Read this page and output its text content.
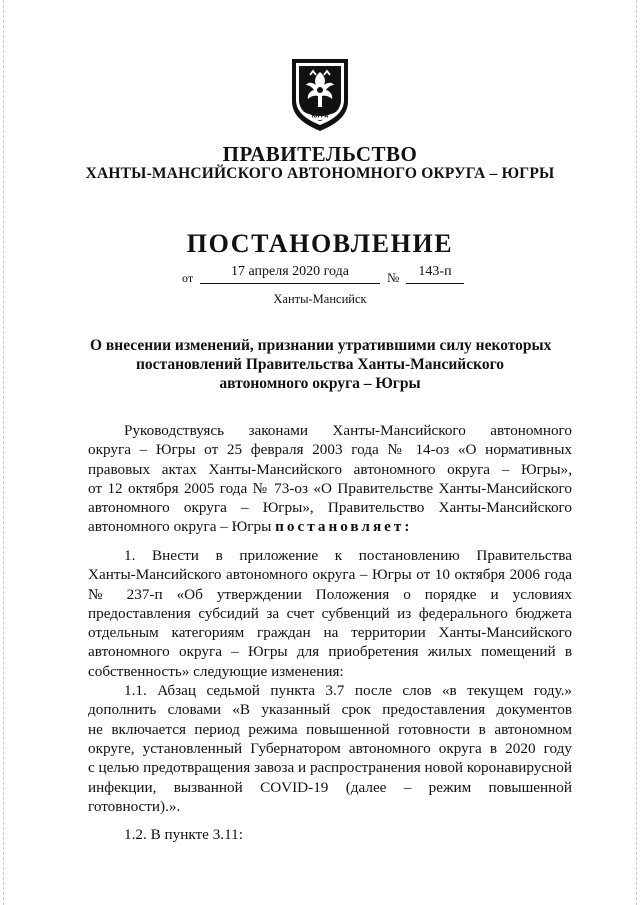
ЮГРА
ПРАВИТЕЛЬСТВО
ХАНТЫ-МАНСИЙСКОГО АВТОНОМНОГО ОКРУГА – ЮГРЫ
ПОСТАНОВЛЕНИЕ
от	17 апреля 2020 года	№	143-п
Ханты-Мансийск
О внесении изменений, признании утратившими силу некоторых
постановлений Правительства Ханты-Мансийского
автономного округа – Югры
Руководствуясь законами Ханты-Мансийского автономного
округа – Югры от 25 февраля 2003 года № 14-оз «О нормативных
правовых актах Ханты-Мансийского автономного округа – Югры»,
от 12 октября 2005 года № 73-оз «О Правительстве Ханты-Мансийского
автономного округа – Югры», Правительство Ханты-Мансийского
автономного округа – Югры постановляет:
1. Внести в приложение к постановлению Правительства
Ханты-Мансийского автономного округа – Югры от 10 октября 2006 года
№ 237-п «Об утверждении Положения о порядке и условиях
предоставления субсидий за счет субвенций из федерального бюджета
отдельным категориям граждан на территории Ханты-Мансийского
автономного округа – Югры для приобретения жилых помещений в
собственность» следующие изменения:
1.1. Абзац седьмой пункта 3.7 после слов «в текущем году.»
дополнить словами «В указанный срок предоставления документов
не включается период режима повышенной готовности в автономном
округе, установленный Губернатором автономного округа в 2020 году
с целью предотвращения завоза и распространения новой коронавирусной
инфекции, вызванной COVID-19 (далее – режим повышенной
готовности).».
1.2. В пункте 3.11:
